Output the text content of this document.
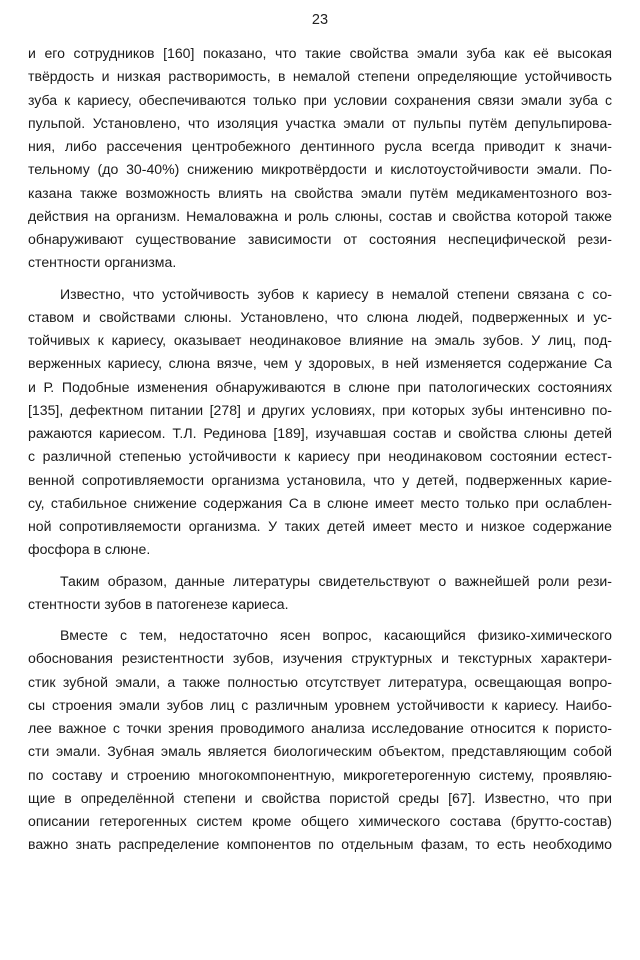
23
и его сотрудников [160] показано, что такие свойства эмали зуба как её высокая
твёрдость и низкая растворимость, в немалой степени определяющие устойчивость
зуба к кариесу, обеспечиваются только при условии сохранения связи эмали зуба с
пульпой. Установлено, что изоляция участка эмали от пульпы путём депульпирова-
ния, либо рассечения центробежного дентинного русла всегда приводит к значи-
тельному (до 30-40%) снижению микротвёрдости и кислотоустойчивости эмали. По-
казана также возможность влиять на свойства эмали путём медикаментозного воз-
действия на организм. Немаловажна и роль слюны, состав и свойства которой также
обнаруживают существование зависимости от состояния неспецифической рези-
стентности организма.
Известно, что устойчивость зубов к кариесу в немалой степени связана с со-
ставом и свойствами слюны. Установлено, что слюна людей, подверженных и ус-
тойчивых к кариесу, оказывает неодинаковое влияние на эмаль зубов. У лиц, под-
верженных кариесу, слюна вязче, чем у здоровых, в ней изменяется содержание Са
и Р. Подобные изменения обнаруживаются в слюне при патологических состояниях
[135], дефектном питании [278] и других условиях, при которых зубы интенсивно по-
ражаются кариесом. Т.Л. Рединова [189], изучавшая состав и свойства слюны детей
с различной степенью устойчивости к кариесу при неодинаковом состоянии естест-
венной сопротивляемости организма установила, что у детей, подверженных карие-
су, стабильное снижение содержания Са в слюне имеет место только при ослаблен-
ной сопротивляемости организма. У таких детей имеет место и низкое содержание
фосфора в слюне.
Таким образом, данные литературы свидетельствуют о важнейшей роли рези-
стентности зубов в патогенезе кариеса.
Вместе с тем, недостаточно ясен вопрос, касающийся физико-химического
обоснования резистентности зубов, изучения структурных и текстурных характери-
стик зубной эмали, а также полностью отсутствует литература, освещающая вопро-
сы строения эмали зубов лиц с различным уровнем устойчивости к кариесу. Наибо-
лее важное с точки зрения проводимого анализа исследование относится к пористо-
сти эмали. Зубная эмаль является биологическим объектом, представляющим собой
по составу и строению многокомпонентную, микрогетерогенную систему, проявляю-
щие в определённой степени и свойства пористой среды [67]. Известно, что при
описании гетерогенных систем кроме общего химического состава (брутто-состав)
важно знать распределение компонентов по отдельным фазам, то есть необходимо
